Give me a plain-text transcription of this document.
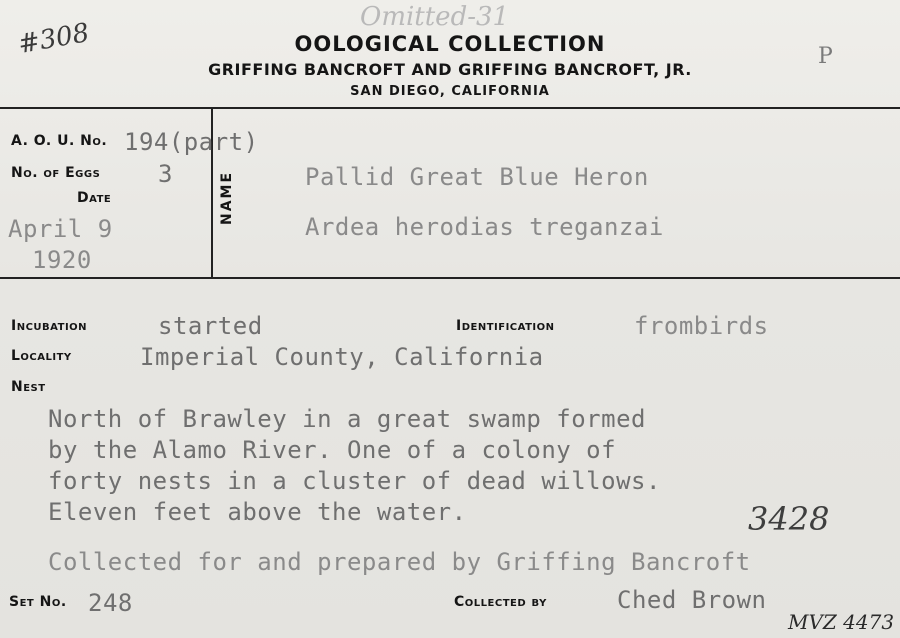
#308
Omitted-31
P
OOLOGICAL COLLECTION
GRIFFING BANCROFT AND GRIFFING BANCROFT, JR.
SAN DIEGO, CALIFORNIA
A. O. U. No. 194(part)
No. of Eggs 3
Date
April 9
1920
NAME	Pallid Great Blue Heron
Ardea herodias treganzai
Incubation	started	Identification	frombirds
Locality	Imperial County, California
Nest
North of Brawley in a great swamp formed
by the Alamo River. One of a colony of
forty nests in a cluster of dead willows.
Eleven feet above the water.	3428
Collected for and prepared by Griffing Bancroft
Set No. 248	Collected by	Ched Brown
MVZ 4473
